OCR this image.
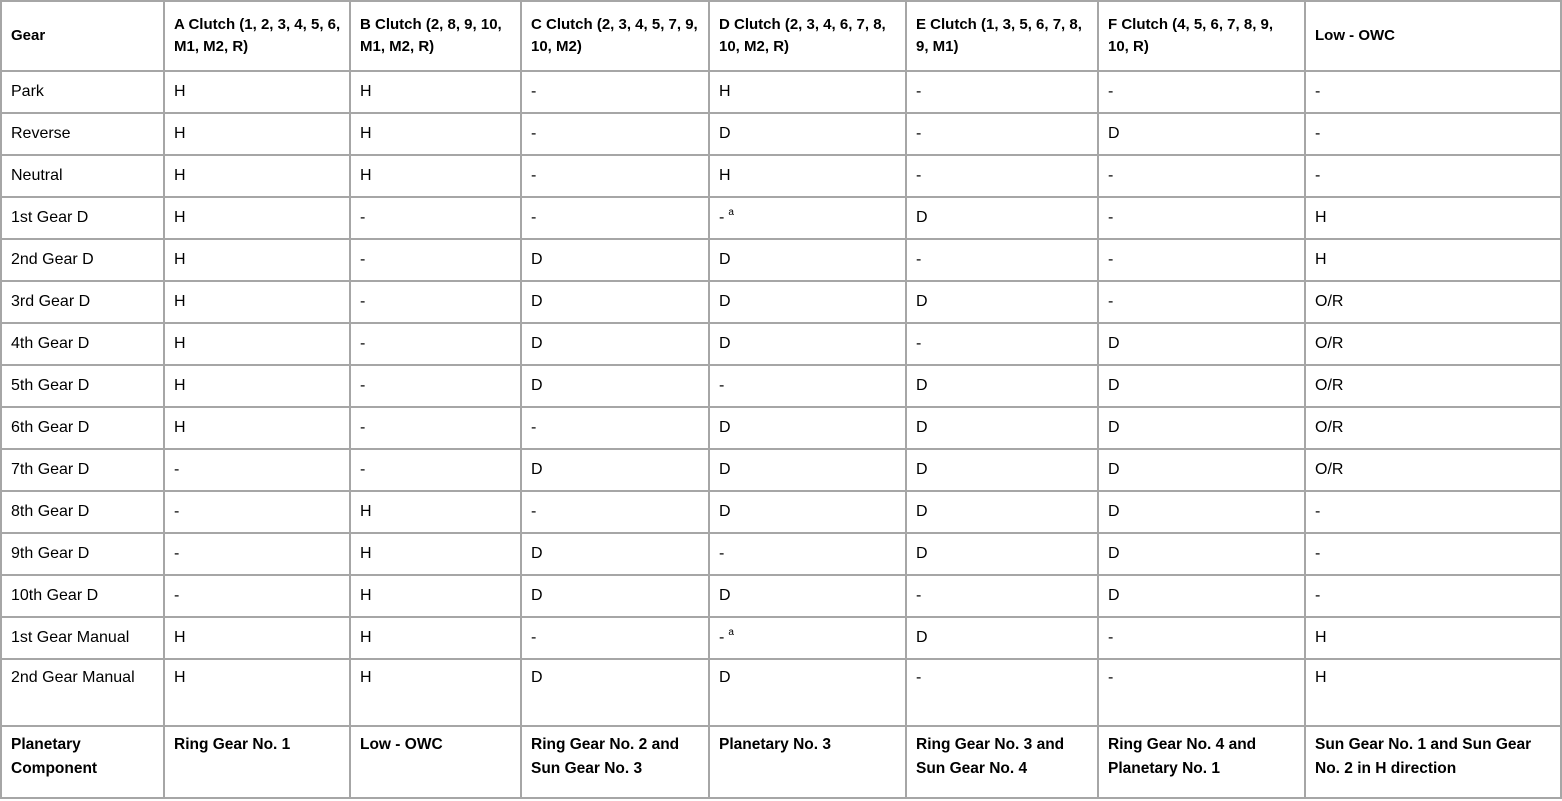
Gear	A Clutch (1, 2, 3, 4, 5, 6, M1, M2, R)	B Clutch (2, 8, 9, 10, M1, M2, R)	C Clutch (2, 3, 4, 5, 7, 9, 10, M2)	D Clutch (2, 3, 4, 6, 7, 8, 10, M2, R)	E Clutch (1, 3, 5, 6, 7, 8, 9, M1)	F Clutch (4, 5, 6, 7, 8, 9, 10, R)	Low - OWC
Park	H	H	-	H	-	-	-
Reverse	H	H	-	D	-	D	-
Neutral	H	H	-	H	-	-	-
1st Gear D	H	-	-	- $^a$	D	-	H
2nd Gear D	H	-	D	D	-	-	H
3rd Gear D	H	-	D	D	D	-	O/R
4th Gear D	H	-	D	D	-	D	O/R
5th Gear D	H	-	D	-	D	D	O/R
6th Gear D	H	-	-	D	D	D	O/R
7th Gear D	-	-	D	D	D	D	O/R
8th Gear D	-	H	-	D	D	D	-
9th Gear D	-	H	D	-	D	D	-
10th Gear D	-	H	D	D	-	D	-
1st Gear Manual	H	H	-	- $^a$	D	-	H
2nd Gear Manual	H	H	D	D	-	-	H
Planetary Component	Ring Gear No. 1	Low - OWC	Ring Gear No. 2 and Sun Gear No. 3	Planetary No. 3	Ring Gear No. 3 and Sun Gear No. 4	Ring Gear No. 4 and Planetary No. 1	Sun Gear No. 1 and Sun Gear No. 2 in H direction
